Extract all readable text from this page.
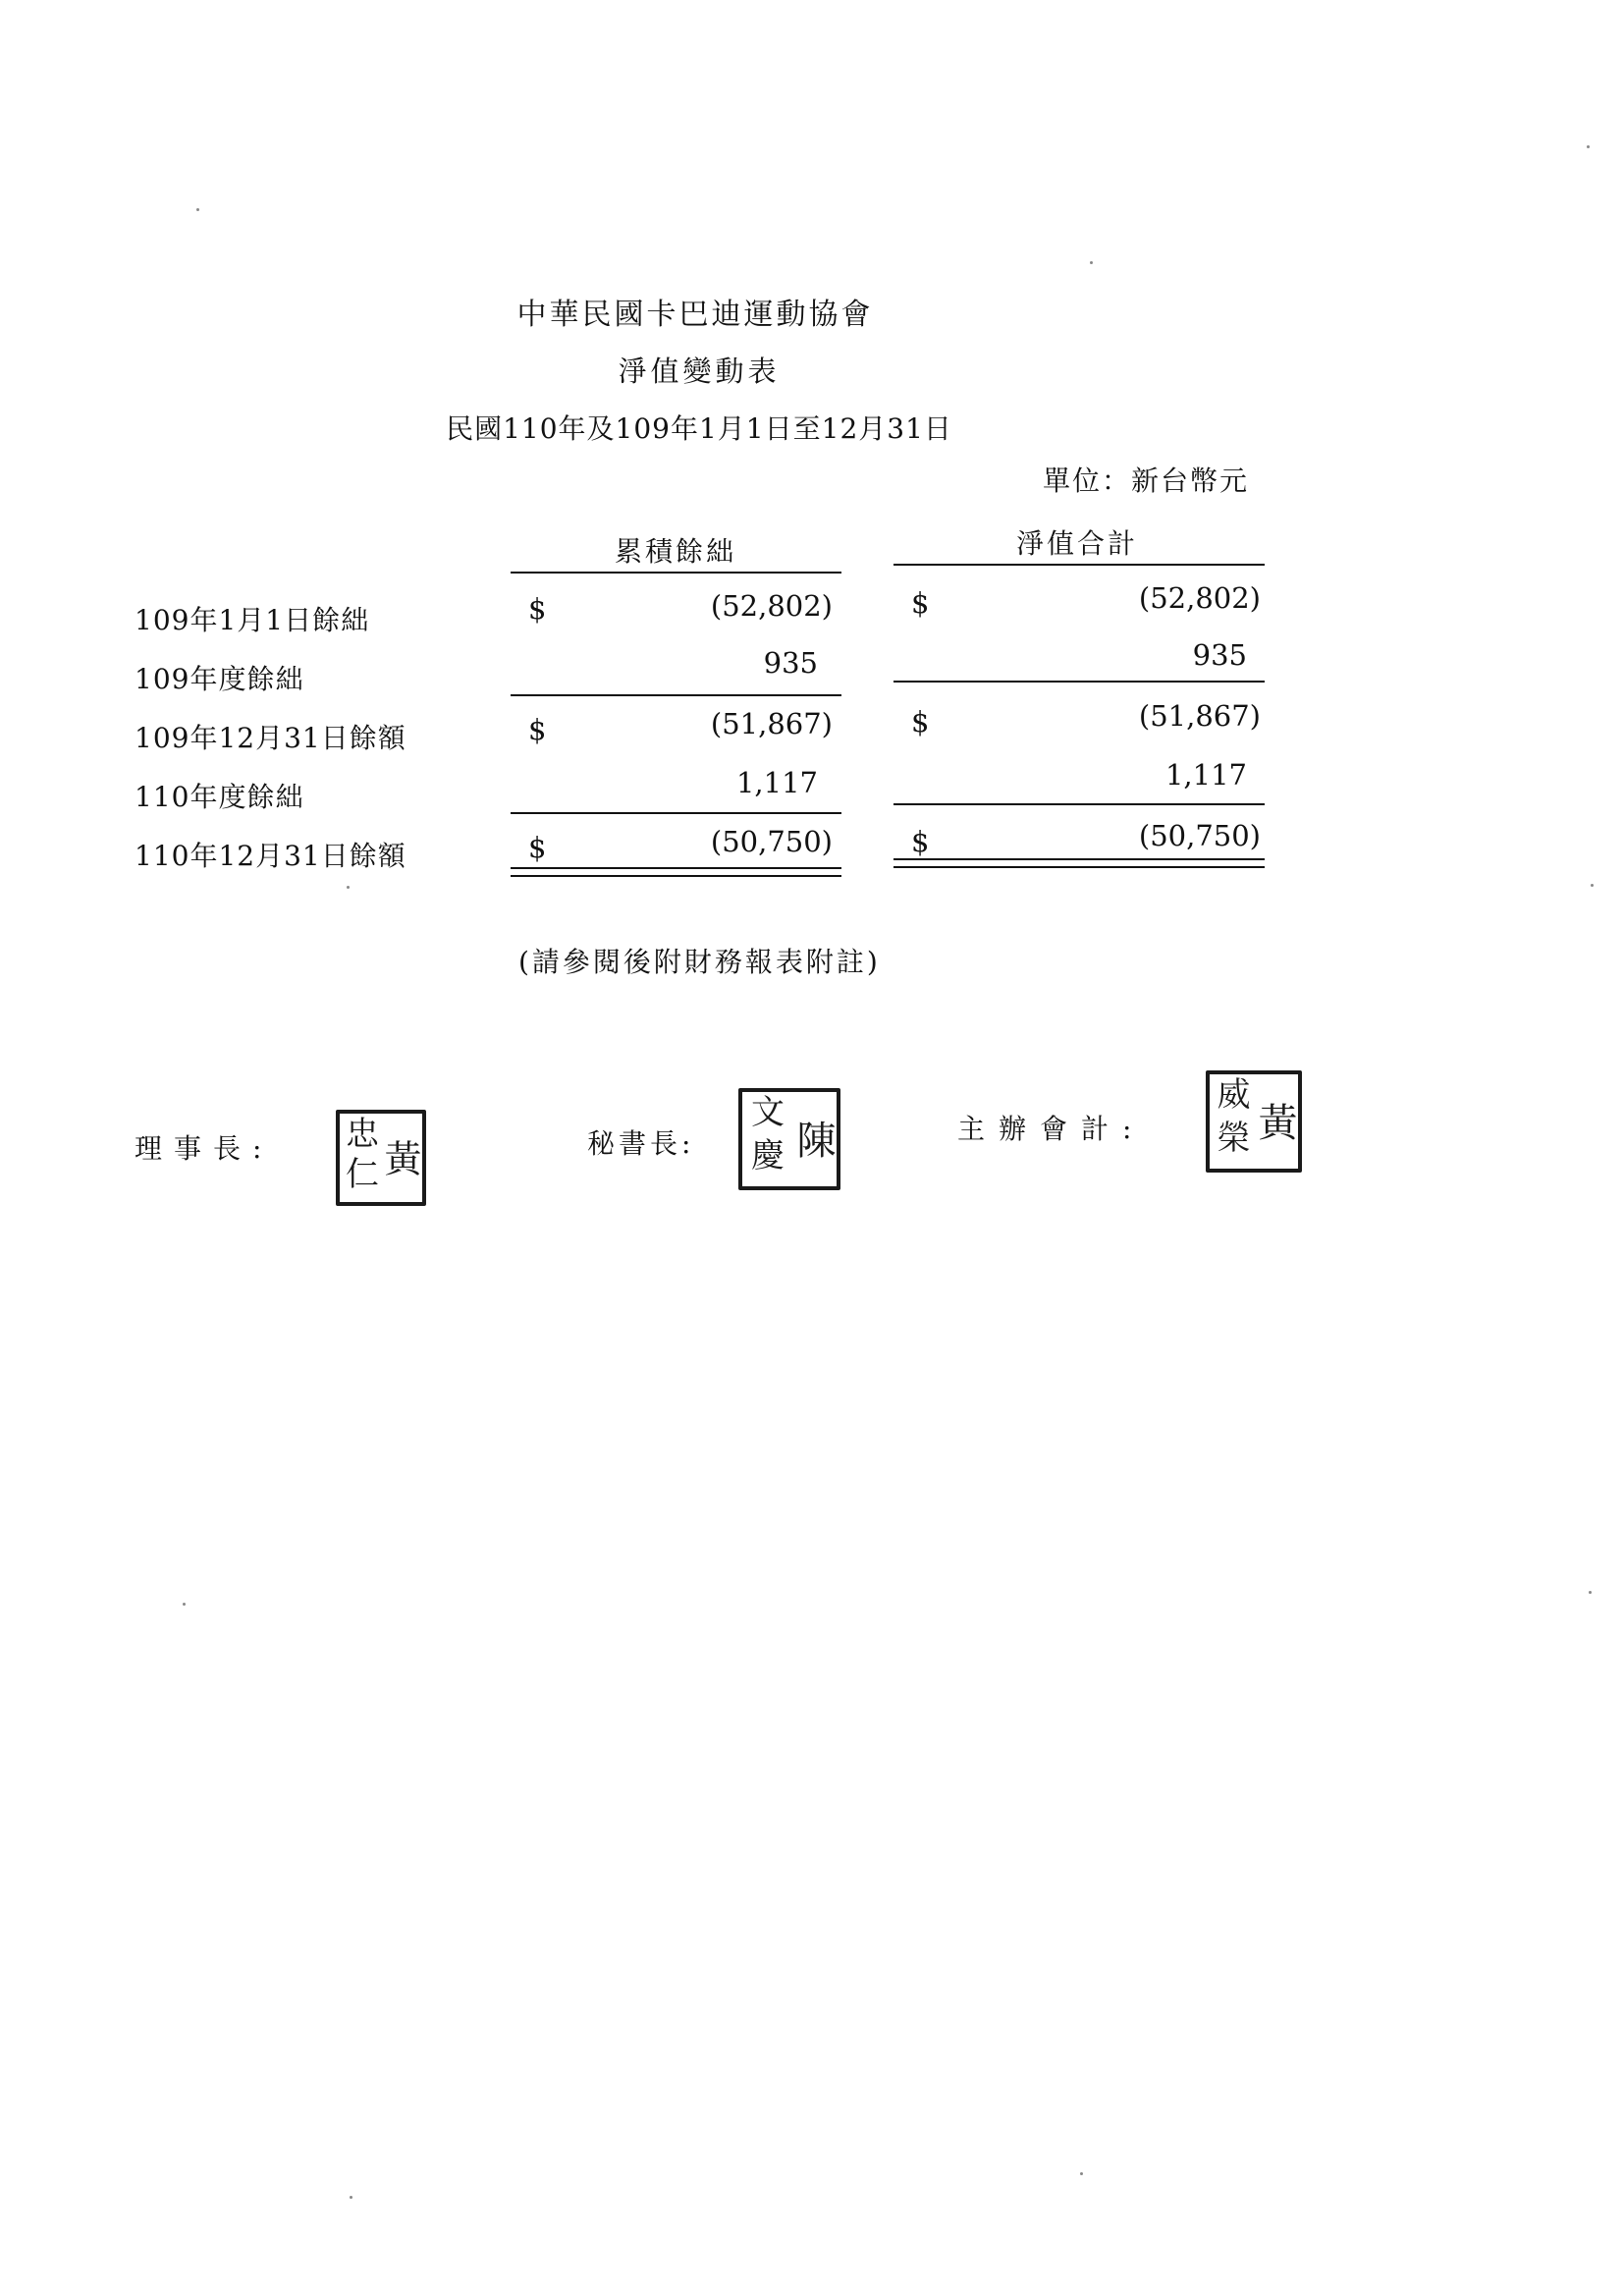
中華民國卡巴迪運動協會
淨值變動表
民國110年及109年1月1日至12月31日
單位：新台幣元
累積餘絀	淨值合計
109年1月1日餘絀	$	(52,802)	$	(52,802)
109年度餘絀	935	935
109年12月31日餘額	$	(51,867)	$	(51,867)
110年度餘絀	1,117	1,117
110年12月31日餘額	$	(50,750)	$	(50,750)
(請參閱後附財務報表附註)
理事長:	黃
忠
仁
秘書長: 陳
文
慶
主辦會計:	黃
威
榮
